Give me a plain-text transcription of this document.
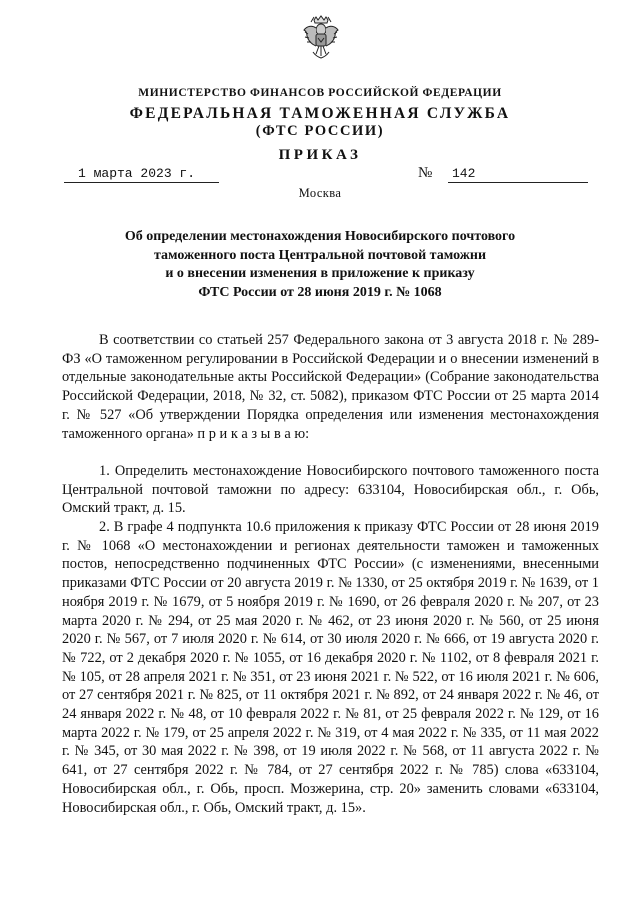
МИНИСТЕРСТВО ФИНАНСОВ РОССИЙСКОЙ ФЕДЕРАЦИИ
ФЕДЕРАЛЬНАЯ ТАМОЖЕННАЯ СЛУЖБА
(ФТС РОССИИ)
ПРИКАЗ
1 марта 2023 г.	№	142
Москва
Об определении местонахождения Новосибирского почтового
таможенного поста Центральной почтовой таможни
и о внесении изменения в приложение к приказу
ФТС России от 28 июня 2019 г. № 1068

В соответствии со статьей 257 Федерального закона от 3 августа 2018 г. № 289-ФЗ «О таможенном регулировании в Российской Федерации и о внесении изменений в отдельные законодательные акты Российской Федерации» (Собрание законодательства Российской Федерации, 2018, № 32, ст. 5082), приказом ФТС России от 25 марта 2014 г. № 527 «Об утверждении Порядка определения или изменения местонахождения таможенного органа» п р и к а з ы в а ю:

1. Определить местонахождение Новосибирского почтового таможенного поста Центральной почтовой таможни по адресу: 633104, Новосибирская обл., г. Обь, Омский тракт, д. 15.

2. В графе 4 подпункта 10.6 приложения к приказу ФТС России от 28 июня 2019 г. № 1068 «О местонахождении и регионах деятельности таможен и таможенных постов, непосредственно подчиненных ФТС России» (с изменениями, внесенными приказами ФТС России от 20 августа 2019 г. № 1330, от 25 октября 2019 г. № 1639, от 1 ноября 2019 г. № 1679, от 5 ноября 2019 г. № 1690, от 26 февраля 2020 г. № 207, от 23 марта 2020 г. № 294, от 25 мая 2020 г. № 462, от 23 июня 2020 г. № 560, от 25 июня 2020 г. № 567, от 7 июля 2020 г. № 614, от 30 июля 2020 г. № 666, от 19 августа 2020 г. № 722, от 2 декабря 2020 г. № 1055, от 16 декабря 2020 г. № 1102, от 8 февраля 2021 г. № 105, от 28 апреля 2021 г. № 351, от 23 июня 2021 г. № 522, от 16 июля 2021 г. № 606, от 27 сентября 2021 г. № 825, от 11 октября 2021 г. № 892, от 24 января 2022 г. № 46, от 24 января 2022 г. № 48, от 10 февраля 2022 г. № 81, от 25 февраля 2022 г. № 129, от 16 марта 2022 г. № 179, от 25 апреля 2022 г. № 319, от 4 мая 2022 г. № 335, от 11 мая 2022 г. № 345, от 30 мая 2022 г. № 398, от 19 июля 2022 г. № 568, от 11 августа 2022 г. № 641, от 27 сентября 2022 г. № 784, от 27 сентября 2022 г. № 785) слова «633104, Новосибирская обл., г. Обь, просп. Мозжерина, стр. 20» заменить словами «633104, Новосибирская обл., г. Обь, Омский тракт, д. 15».
